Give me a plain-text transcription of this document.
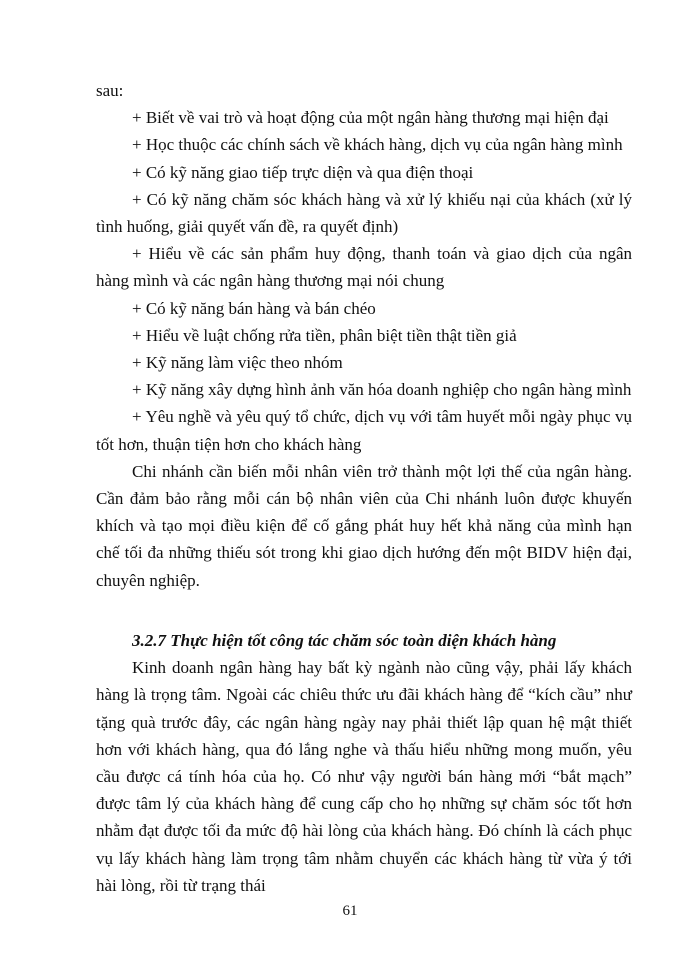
sau:

+ Biết về vai trò và hoạt động của một ngân hàng thương mại hiện đại

+ Học thuộc các chính sách về khách hàng, dịch vụ của ngân hàng mình

+ Có kỹ năng giao tiếp trực diện và qua điện thoại

+ Có kỹ năng chăm sóc khách hàng và xử lý khiếu nại của khách (xử lý tình huống, giải quyết vấn đề, ra quyết định)

+ Hiểu về các sản phẩm huy động, thanh toán và giao dịch của ngân hàng mình và các ngân hàng thương mại nói chung

+ Có kỹ năng bán hàng và bán chéo

+ Hiểu về luật chống rửa tiền, phân biệt tiền thật tiền giả

+ Kỹ năng làm việc theo nhóm

+ Kỹ năng xây dựng hình ảnh văn hóa doanh nghiệp cho ngân hàng mình

+ Yêu nghề và yêu quý tổ chức, dịch vụ với tâm huyết mỗi ngày phục vụ tốt hơn, thuận tiện hơn cho khách hàng

Chi nhánh cần biến mỗi nhân viên trở thành một lợi thế của ngân hàng. Cần đảm bảo rằng mỗi cán bộ nhân viên của Chi nhánh luôn được khuyến khích và tạo mọi điều kiện để cố gắng phát huy hết khả năng của mình hạn chế tối đa những thiếu sót trong khi giao dịch hướng đến một BIDV hiện đại, chuyên nghiệp.

3.2.7 Thực hiện tốt công tác chăm sóc toàn diện khách hàng

Kinh doanh ngân hàng hay bất kỳ ngành nào cũng vậy, phải lấy khách hàng là trọng tâm. Ngoài các chiêu thức ưu đãi khách hàng để “kích cầu” như tặng quà trước đây, các ngân hàng ngày nay phải thiết lập quan hệ mật thiết hơn với khách hàng, qua đó lắng nghe và thấu hiểu những mong muốn, yêu cầu được cá tính hóa của họ. Có như vậy người bán hàng mới “bắt mạch” được tâm lý của khách hàng để cung cấp cho họ những sự chăm sóc tốt hơn nhằm đạt được tối đa mức độ hài lòng của khách hàng. Đó chính là cách phục vụ lấy khách hàng làm trọng tâm nhằm chuyển các khách hàng từ vừa ý tới hài lòng, rồi từ trạng thái

61
